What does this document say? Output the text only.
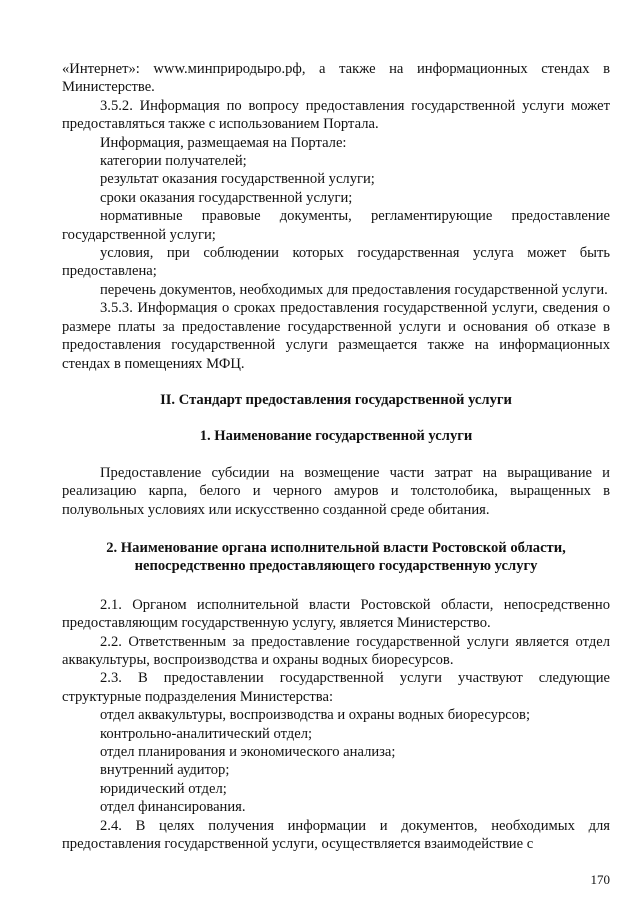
«Интернет»: www.минприродыро.рф, а также на информационных стендах в Министерстве.

3.5.2. Информация по вопросу предоставления государственной услуги может предоставляться также с использованием Портала.

Информация, размещаемая на Портале:

категории получателей;

результат оказания государственной услуги;

сроки оказания государственной услуги;

нормативные правовые документы, регламентирующие предоставление государственной услуги;

условия, при соблюдении которых государственная услуга может быть предоставлена;

перечень документов, необходимых для предоставления государственной услуги.

3.5.3. Информация о сроках предоставления государственной услуги, сведения о размере платы за предоставление государственной услуги и основания об отказе в предоставления государственной услуги размещается также на информационных стендах в помещениях МФЦ.

II. Стандарт предоставления государственной услуги

1. Наименование государственной услуги

Предоставление субсидии на возмещение части затрат на выращивание и реализацию карпа, белого и черного амуров и толстолобика, выращенных в полувольных условиях или искусственно созданной среде обитания.

2. Наименование органа исполнительной власти Ростовской области,

непосредственно предоставляющего государственную услугу

2.1. Органом исполнительной власти Ростовской области, непосредственно предоставляющим государственную услугу, является Министерство.

2.2. Ответственным за предоставление государственной услуги является отдел аквакультуры, воспроизводства и охраны водных биоресурсов.

2.3. В предоставлении государственной услуги участвуют следующие структурные подразделения Министерства:

отдел аквакультуры, воспроизводства и охраны водных биоресурсов;

контрольно-аналитический отдел;

отдел планирования и экономического анализа;

внутренний аудитор;

юридический отдел;

отдел финансирования.

2.4. В целях получения информации и документов, необходимых для предоставления государственной услуги, осуществляется взаимодействие с

170
